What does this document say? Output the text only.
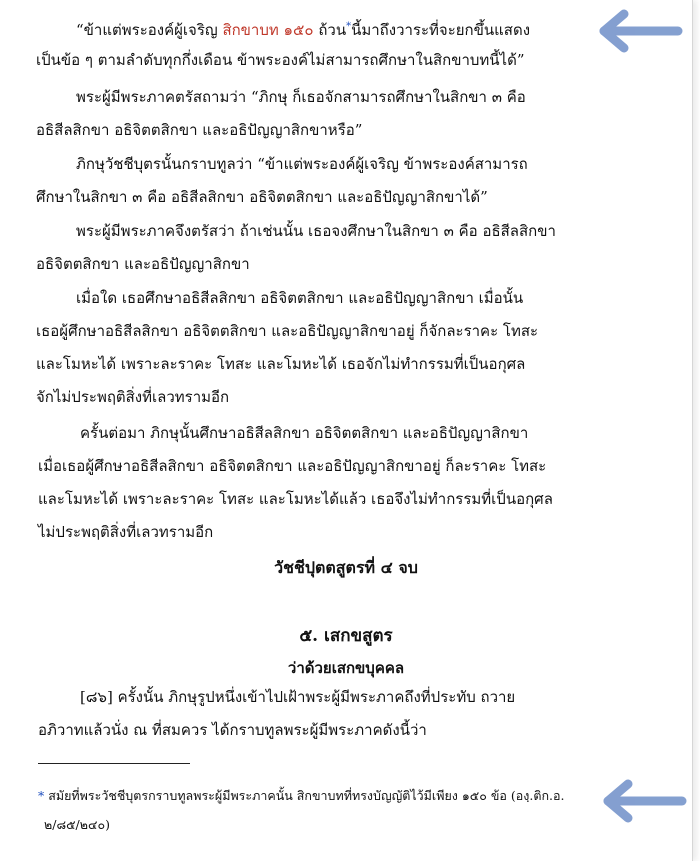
“ข้าแต่พระองค์ผู้เจริญ สิกขาบท ๑๕๐ ถ้วน*นี้มาถึงวาระที่จะยกขึ้นแสดง
เป็นข้อ ๆ ตามลำดับทุกกึ่งเดือน ข้าพระองค์ไม่สามารถศึกษาในสิกขาบทนี้ได้”
พระผู้มีพระภาคตรัสถามว่า “ภิกษุ ก็เธอจักสามารถศึกษาในสิกขา ๓ คือ
อธิสีลสิกขา อธิจิตตสิกขา และอธิปัญญาสิกขาหรือ”
ภิกษุวัชชีบุตรนั้นกราบทูลว่า “ข้าแต่พระองค์ผู้เจริญ ข้าพระองค์สามารถ
ศึกษาในสิกขา ๓ คือ อธิสีลสิกขา อธิจิตตสิกขา และอธิปัญญาสิกขาได้”
พระผู้มีพระภาคจึงตรัสว่า ถ้าเช่นนั้น เธอจงศึกษาในสิกขา ๓ คือ อธิสีลสิกขา
อธิจิตตสิกขา และอธิปัญญาสิกขา
เมื่อใด เธอศึกษาอธิสีลสิกขา อธิจิตตสิกขา และอธิปัญญาสิกขา เมื่อนั้น
เธอผู้ศึกษาอธิสีลสิกขา อธิจิตตสิกขา และอธิปัญญาสิกขาอยู่ ก็จักละราคะ โทสะ
และโมหะได้ เพราะละราคะ โทสะ และโมหะได้ เธอจักไม่ทำกรรมที่เป็นอกุศล
จักไม่ประพฤติสิ่งที่เลวทรามอีก
ครั้นต่อมา ภิกษุนั้นศึกษาอธิสีลสิกขา อธิจิตตสิกขา และอธิปัญญาสิกขา
เมื่อเธอผู้ศึกษาอธิสีลสิกขา อธิจิตตสิกขา และอธิปัญญาสิกขาอยู่ ก็ละราคะ โทสะ
และโมหะได้ เพราะละราคะ โทสะ และโมหะได้แล้ว เธอจึงไม่ทำกรรมที่เป็นอกุศล
ไม่ประพฤติสิ่งที่เลวทรามอีก
วัชชีปุตตสูตรที่ ๔ จบ
๕. เสกขสูตร
ว่าด้วยเสกขบุคคล
[๘๖] ครั้งนั้น ภิกษุรูปหนึ่งเข้าไปเฝ้าพระผู้มีพระภาคถึงที่ประทับ ถวาย
อภิวาทแล้วนั่ง ณ ที่สมควร ได้กราบทูลพระผู้มีพระภาคดังนี้ว่า
* สมัยที่พระวัชชีบุตรกราบทูลพระผู้มีพระภาคนั้น สิกขาบทที่ทรงบัญญัติไว้มีเพียง ๑๕๐ ข้อ (องฺ.ติก.อ.
๒/๘๕/๒๔๐)
